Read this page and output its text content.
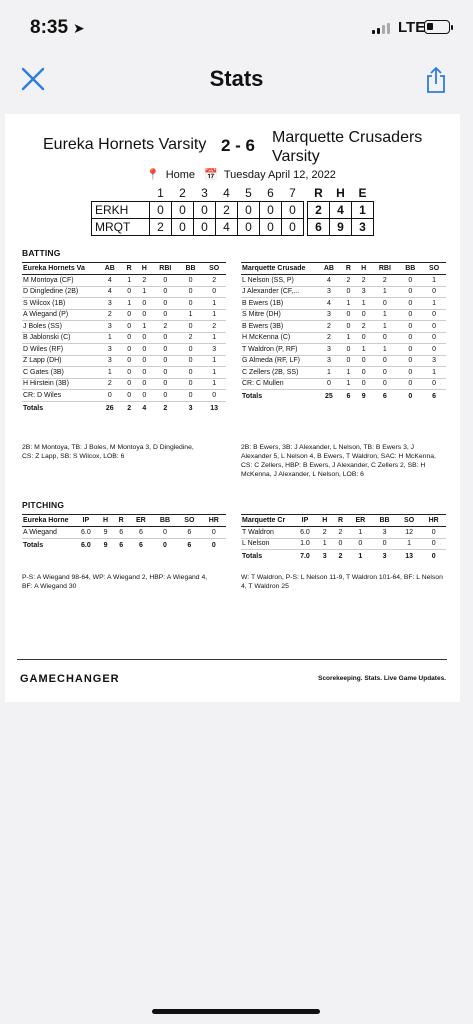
8:35 ➤	LTE
Stats
Eureka Hornets Varsity 2 - 6 Marquette Crusaders
Varsity
📍 Home 📅 Tuesday April 12, 2022
	1	2	3	4	5	6	7		R	H	E
ERKH	0	0	0	2	0	0	0		2	4	1
MRQT	2	0	0	4	0	0	0		6	9	3
BATTING
Eureka Hornets Va	AB	R	H	RBI	BB	SO
M Montoya (CF)	4	1	2	0	0	2
D Dingledine (2B)	4	0	1	0	0	0
S Wilcox (1B)	3	1	0	0	0	1
A Wiegand (P)	2	0	0	0	1	1
J Boles (SS)	3	0	1	2	0	2
B Jablonski (C)	1	0	0	0	2	1
D Wiles (RF)	3	0	0	0	0	3
Z Lapp (DH)	3	0	0	0	0	1
C Gates (3B)	1	0	0	0	0	1
H Hirstein (3B)	2	0	0	0	0	1
CR: D Wiles	0	0	0	0	0	0
Totals	26	2	4	2	3	13
Marquette Crusade	AB	R	H	RBI	BB	SO
L Nelson (SS, P)	4	2	2	2	0	1
J Alexander (CF,...	3	0	3	1	0	0
B Ewers (1B)	4	1	1	0	0	1
S Mitre (DH)	3	0	0	1	0	0
B Ewers (3B)	2	0	2	1	0	0
H McKenna (C)	2	1	0	0	0	0
T Waldron (P, RF)	3	0	1	1	0	0
G Almeda (RF, LF)	3	0	0	0	0	3
C Zellers (2B, SS)	1	1	0	0	0	1
CR: C Mullen	0	1	0	0	0	0
Totals	25	6	9	6	0	6
2B: M Montoya, TB: J Boles, M Montoya 3, D Dingledine, CS: Z Lapp, SB: S Wilcox, LOB: 6
2B: B Ewers, 3B: J Alexander, L Nelson, TB: B Ewers 3, J Alexander 5, L Nelson 4, B Ewers, T Waldron, SAC: H McKenna, CS: C Zellers, HBP: B Ewers, J Alexander, C Zellers 2, SB: H McKenna, J Alexander, L Nelson, LOB: 6
PITCHING
Eureka Horne	IP	H	R	ER	BB	SO	HR
A Wiegand	6.0	9	6	6	0	6	0
Totals	6.0	9	6	6	0	6	0
Marquette Cr	IP	H	R	ER	BB	SO	HR
T Waldron	6.0	2	2	1	3	12	0
L Nelson	1.0	1	0	0	0	1	0
Totals	7.0	3	2	1	3	13	0
P-S: A Wiegand 98-64, WP: A Wiegand 2, HBP: A Wiegand 4, BF: A Wiegand 30
W: T Waldron, P-S: L Nelson 11-9, T Waldron 101-64, BF: L Nelson 4, T Waldron 25
GAMECHANGER	Scorekeeping. Stats. Live Game Updates.
